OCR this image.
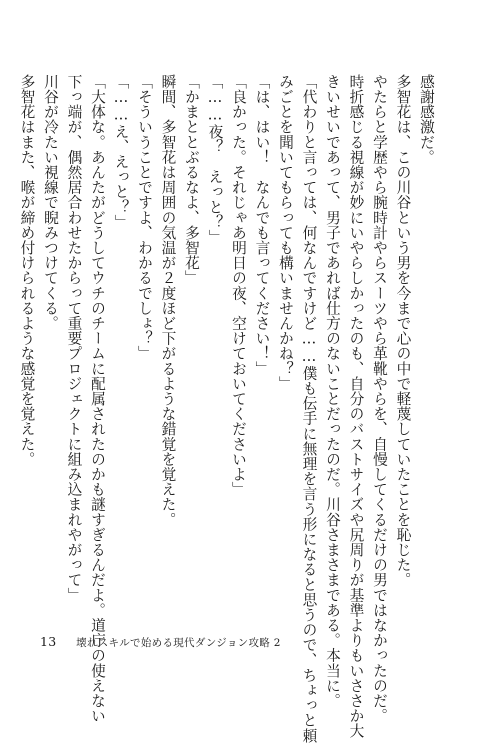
感謝感激だ。
多智花は、この川谷という男を今まで心の中で軽蔑していたことを恥じた。
やたらと学歴やら腕時計やらスーツやら革靴やらを、自慢してくるだけの男ではなかったのだ。
時折感じる視線が妙にいやらしかったのも、自分のバストサイズや尻周りが基準よりもいささか大
きいせいであって、男子であれば仕方のないことだったのだ。川谷さまさまである。本当に。
「代わりと言っては、何なんですけど……僕も伝手に無理を言う形になると思うので、ちょっと頼
みごとを聞いてもらっても構いませんかね？」
「は、はい！　なんでも言ってください！」
「良かった。それじゃあ明日の夜、空けておいてくださいよ」
「……夜？　えっと？」
「かまととぶるなよ、多智花」
瞬間、多智花は周囲の気温が２度ほど下がるような錯覚を覚えた。
「そういうことですよ、わかるでしょ？」
「……え、えっと？」
「大体な。あんたがどうしてウチのチームに配属されたのかも謎すぎるんだよ。道庁の使えない
下っ端が、偶然居合わせたからって重要プロジェクトに組み込まれやがって」
川谷が冷たい視線で睨みつけてくる。
多智花はまた、喉が締め付けられるような感覚を覚えた。
13 壊れスキルで始める現代ダンジョン攻略 2
